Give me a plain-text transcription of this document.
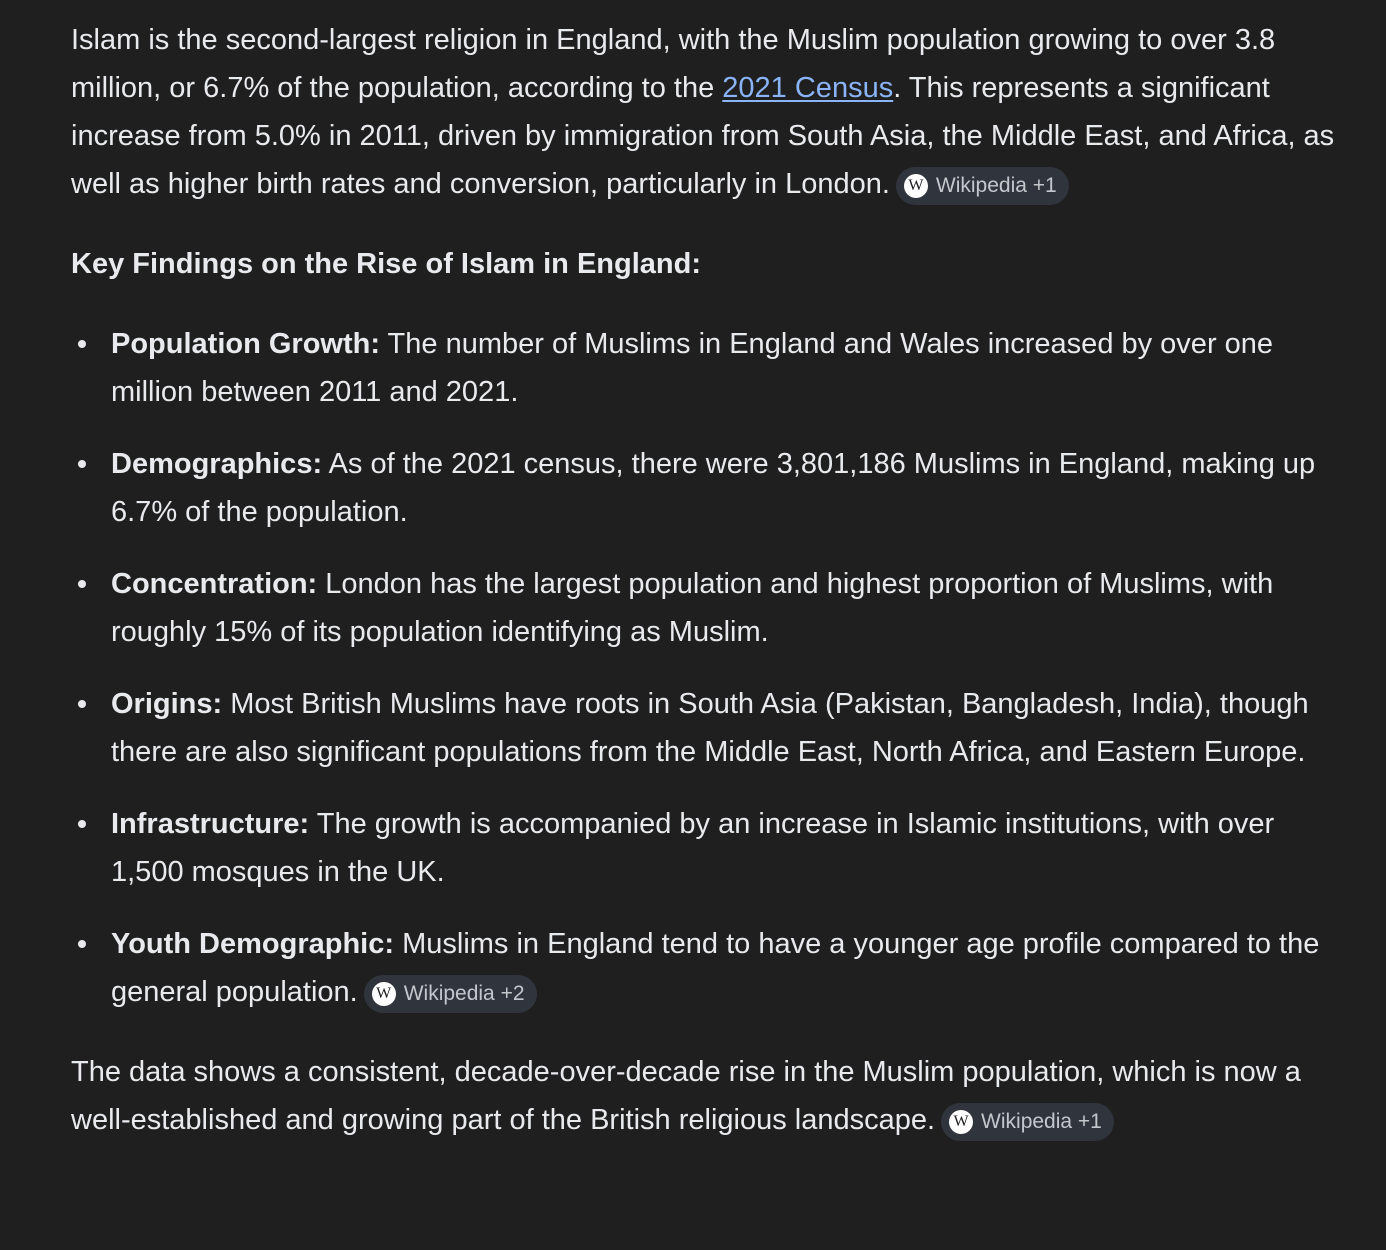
Islam is the second-largest religion in England, with the Muslim population growing to over 3.8 million, or 6.7% of the population, according to the 2021 Census. This represents a significant increase from 5.0% in 2011, driven by immigration from South Asia, the Middle East, and Africa, as well as higher birth rates and conversion, particularly in London. W Wikipedia +1

Key Findings on the Rise of Islam in England:

Population Growth: The number of Muslims in England and Wales increased by over one million between 2011 and 2021.
Demographics: As of the 2021 census, there were 3,801,186 Muslims in England, making up 6.7% of the population.
Concentration: London has the largest population and highest proportion of Muslims, with roughly 15% of its population identifying as Muslim.
Origins: Most British Muslims have roots in South Asia (Pakistan, Bangladesh, India), though there are also significant populations from the Middle East, North Africa, and Eastern Europe.
Infrastructure: The growth is accompanied by an increase in Islamic institutions, with over 1,500 mosques in the UK.
Youth Demographic: Muslims in England tend to have a younger age profile compared to the general population. W Wikipedia +2

The data shows a consistent, decade-over-decade rise in the Muslim population, which is now a well-established and growing part of the British religious landscape. W Wikipedia +1
